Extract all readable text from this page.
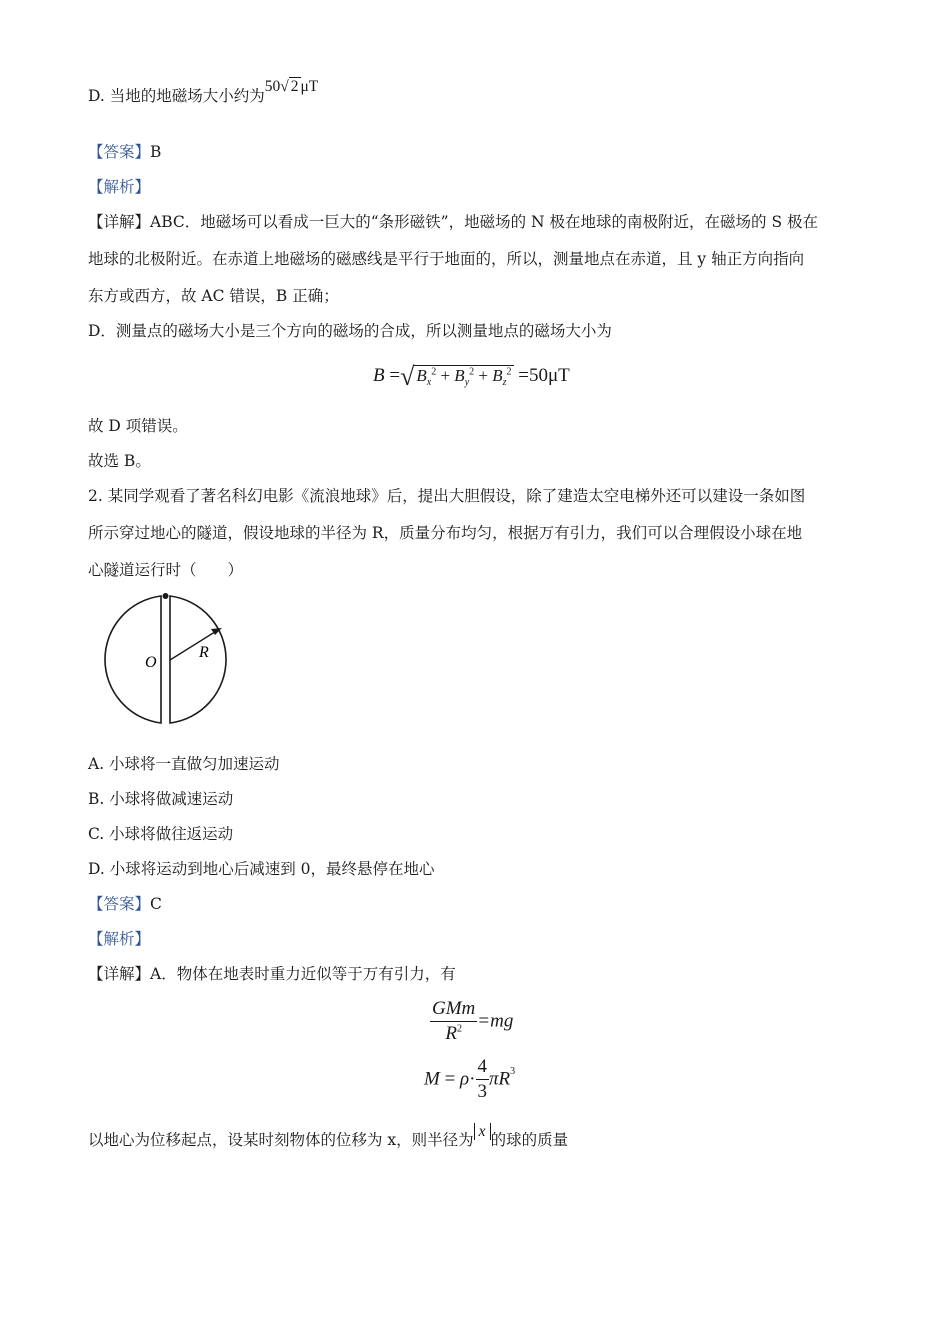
D. 当地的地磁场大小约为50√ 2 μT
【答案】B
【解析】
【详解】ABC．地磁场可以看成一巨大的“条形磁铁”，地磁场的 N 极在地球的南极附近，在磁场的 S 极在
地球的北极附近。在赤道上地磁场的磁感线是平行于地面的，所以，测量地点在赤道，且 y 轴正方向指向
东方或西方，故 AC 错误，B 正确；
D．测量点的磁场大小是三个方向的磁场的合成，所以测量地点的磁场大小为
B =√ $B_x^2 + B_y^2 + B_z^2 =50\mu T$
故 D 项错误。
故选 B。
2. 某同学观看了著名科幻电影《流浪地球》后，提出大胆假设，除了建造太空电梯外还可以建设一条如图
所示穿过地心的隧道，假设地球的半径为 R，质量分布均匀，根据万有引力，我们可以合理假设小球在地
心隧道运行时（　　）
O
R
A. 小球将一直做匀加速运动
B. 小球将做减速运动
C. 小球将做往返运动
D. 小球将运动到地心后减速到 0，最终悬停在地心
【答案】C
【解析】
【详解】A．物体在地表时重力近似等于万有引力，有
$\frac{\text{GMm}}{R^2} =mg$
$M = \rho\cdot \frac{4}{3} \pi R^3$
以地心为位移起点，设某时刻物体的位移为 x，则半径为 x 的球的质量
